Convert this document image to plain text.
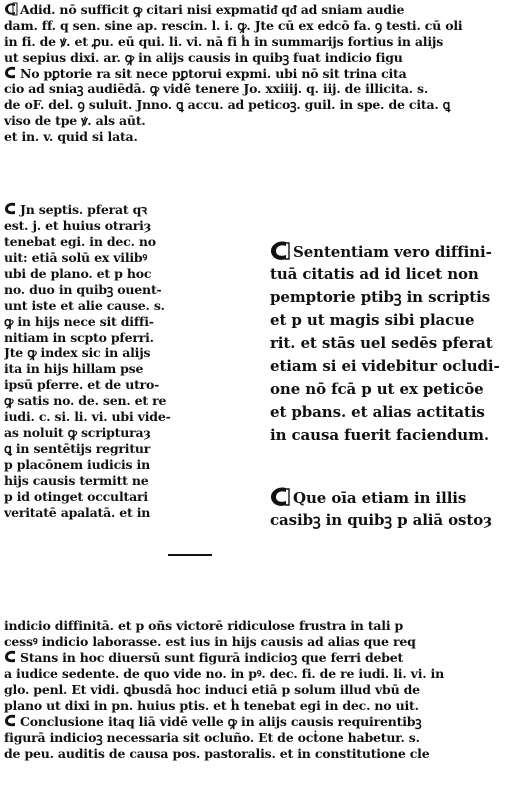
Adid. nō sufficit ꝙ citari nisi expmatiᵭ qᵭ ad sniam audie
dam. ff. q sen. sine ap. rescin. l. i. ꝙ. Jte cū ex edcō fa. ꝯ testi. cū oli
in fi. de ꝟ. et ꝓu. eū qui. li. vi. nā fi ḣ in summarijs fortius in alijs
ut sepius dixi. ar. ꝙ in alijs causis in quibꝫ fuat indicio figu
No pꝑtorie ra sit nece pꝑtorui expmi. ubi nō sit trina cita
cio ad sniaꝫ audiēdā. ꝙ vidẽ tenere Jo. xxiiij. q. iij. de illicita. s.
de oF. del. ꝯ suluit. Jnno. ꝗ accu. ad peticoꝫ. guil. in spe. de cita. ꝗ
viso de tpe ꝟ. als aūt.
et in. v. quid si lata.
Jn septis. pferat qꝛ
est. j. et huius otrariȝ
tenebat egi. in dec. no
uit: etiā solū ex vilibꝰ
ubi de plano. et p hoc
no. duo in quibꝫ ouent-
unt iste et alie cause. s.
ꝙ in hijs nece sit diffi-
nitiam in scpto pferri.
Jte ꝙ index sic in alijs
ita in hijs hillam pse
ipsū pferre. et de utro-
ꝙ satis no. de. sen. et re
iudi. c. si. li. vi. ubi vide-
as noluit ꝙ scripturaȝ
ꝗ in sentētijs regritur
p placōnem iudicis in
hijs causis termitt ne
p id otinget occultari
veritatē apalatā. et in
Sententiam vero diffini-
tuā citatis ad id licet non
pemptorie ptibꝫ in scriptis
et p ut magis sibi placue
rit. et stās uel sedēs pferat
etiam si ei videbitur ocludi-
one nō fcā p ut ex peticōe
et pbans. et alias actitatis
in causa fuerit faciendum.
Que oīa etiam in illis
casibꝫ in quibꝫ p aliā ostoȝ
indicio diffinitā. et p oñs victorē ridiculose frustra in tali p
cessꝰ indicio laborasse. est ius in hijs causis ad alias que req
Stans in hoc diuersū sunt figurā indicioꝫ que ferri debet
a iudice sedente. de quo vide no. in pꝰ. dec. fi. de re iudi. li. vi. in
glo. penl. Et vidi. ꝗbusdā hoc induci etiā p solum illud vbū de
plano ut dixi in pn. huius ptis. et ḣ tenebat egi in dec. no uit.
Conclusione itaq liā vidē velle ꝙ in alijs causis requirentibꝫ
figurā indicioꝫ necessaria sit ocluño. Et de ocṫone habetur. s.
de peu. auditis de causa pos. pastoralis. et in constitutione cle
